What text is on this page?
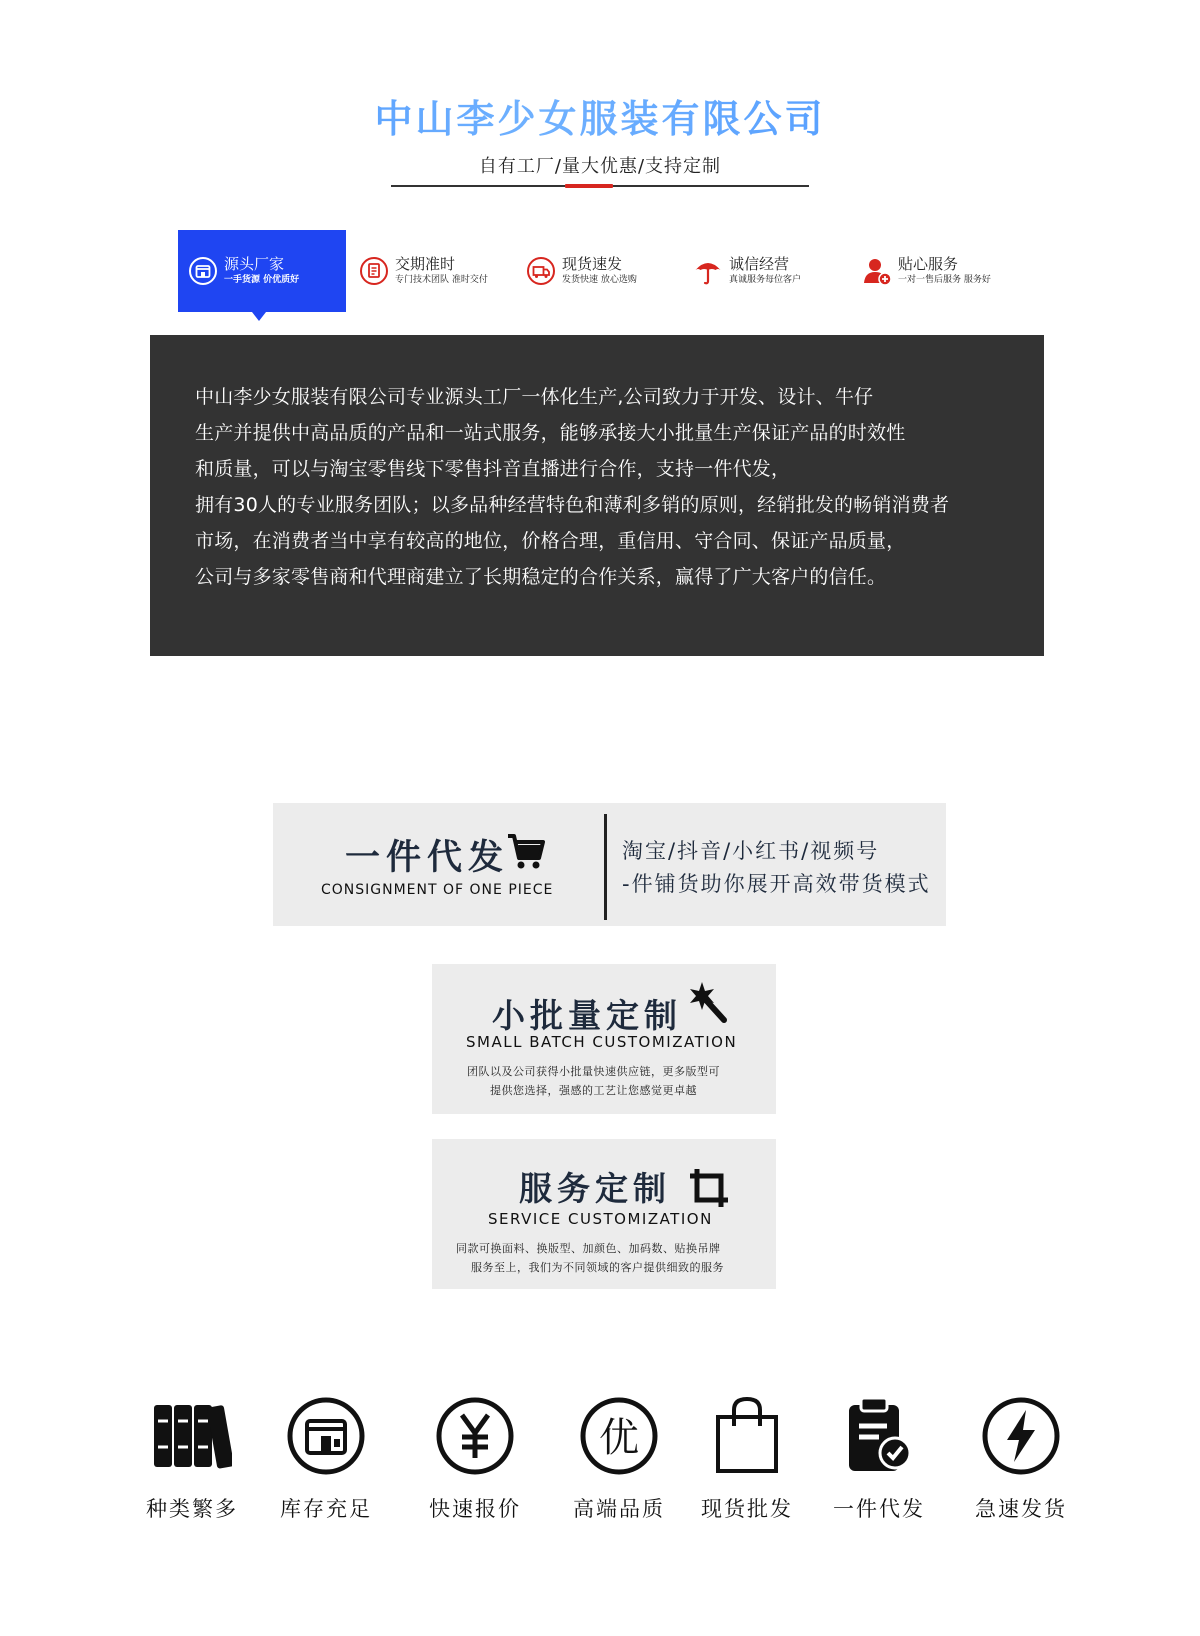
中山李少女服装有限公司
自有工厂/量大优惠/支持定制
源头厂家
一手货源 价优质好
交期准时
专门技术团队 准时交付
现货速发
发货快速 放心选购
诚信经营
真诚服务每位客户
贴心服务
一对一售后服务 服务好
中山李少女服装有限公司专业源头工厂一体化生产,公司致力于开发、设计、牛仔
生产并提供中高品质的产品和一站式服务，能够承接大小批量生产保证产品的时效性
和质量，可以与淘宝零售线下零售抖音直播进行合作，支持一件代发，
拥有30人的专业服务团队；以多品种经营特色和薄利多销的原则，经销批发的畅销消费者
市场，在消费者当中享有较高的地位，价格合理，重信用、守合同、保证产品质量，
公司与多家零售商和代理商建立了长期稳定的合作关系，赢得了广大客户的信任。
一件代发
CONSIGNMENT OF ONE PIECE
淘宝/抖音/小红书/视频号
-件铺货助你展开高效带货模式
小批量定制
SMALL BATCH CUSTOMIZATION
团队以及公司获得小批量快速供应链，更多版型可
提供您选择，强感的工艺让您感觉更卓越
服务定制
SERVICE CUSTOMIZATION
同款可换面料、换版型、加颜色、加码数、贴换吊牌
服务至上，我们为不同领域的客户提供细致的服务
种类繁多	库存充足	快速报价
优
高端品质	现货批发	一件代发	急速发货
